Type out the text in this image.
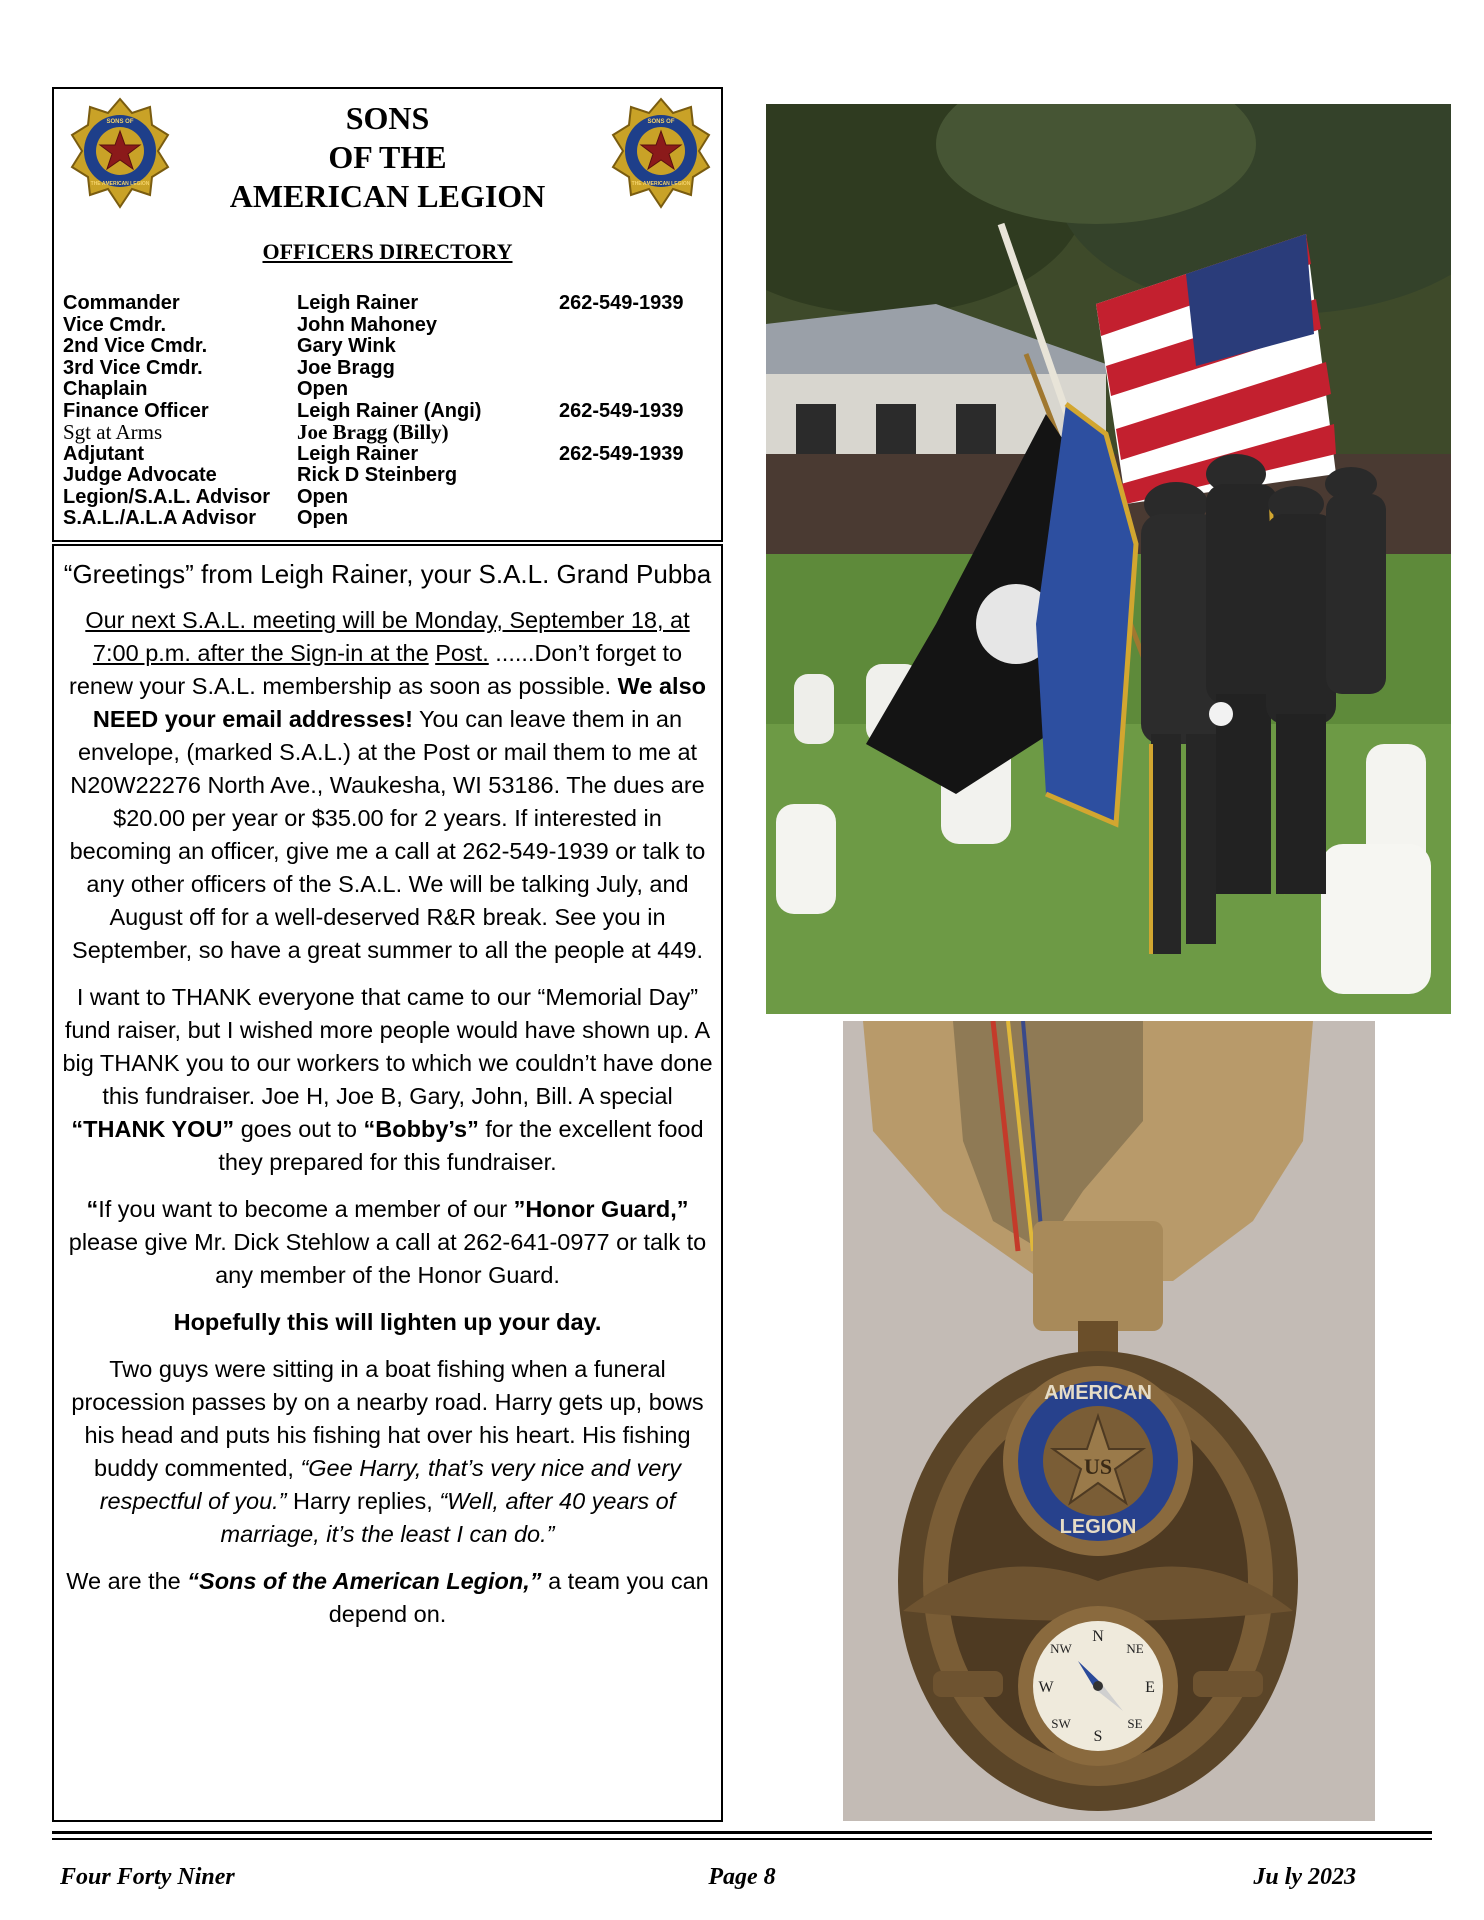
SONS OF
THE AMERICAN LEGION
SONS OF
THE AMERICAN LEGION
SONS
OF THE
AMERICAN LEGION
OFFICERS DIRECTORY
Commander	Leigh Rainer	262-549-1939
Vice Cmdr.	John Mahoney
2nd Vice Cmdr.	Gary Wink
3rd Vice Cmdr.	Joe Bragg
Chaplain	Open
Finance Officer	Leigh Rainer (Angi)	262-549-1939
Sgt at Arms	Joe Bragg (Billy)
Adjutant	Leigh Rainer	262-549-1939
Judge Advocate	Rick D Steinberg
Legion/S.A.L. Advisor Open
S.A.L./A.L.A Advisor Open

“Greetings” from Leigh Rainer, your S.A.L. Grand Pubba

Our next S.A.L. meeting will be Monday, September 18, at 7:00 p.m. after the Sign-in at the Post. ......Don’t forget to renew your S.A.L. membership as soon as possible. We also NEED your email addresses! You can leave them in an envelope, (marked S.A.L.) at the Post or mail them to me at N20W22276 North Ave., Waukesha, WI 53186. The dues are $20.00 per year or $35.00 for 2 years. If interested in becoming an officer, give me a call at 262-549-1939 or talk to any other officers of the S.A.L. We will be talking July, and August off for a well-deserved R&R break. See you in September, so have a great summer to all the people at 449.

I want to THANK everyone that came to our “Memorial Day” fund raiser, but I wished more people would have shown up. A big THANK you to our workers to which we couldn’t have done this fundraiser. Joe H, Joe B, Gary, John, Bill. A special “THANK YOU” goes out to “Bobby’s” for the excellent food they prepared for this fundraiser.

“If you want to become a member of our ”Honor Guard,” please give Mr. Dick Stehlow a call at 262-641-0977 or talk to any member of the Honor Guard.

Hopefully this will lighten up your day.

Two guys were sitting in a boat fishing when a funeral procession passes by on a nearby road. Harry gets up, bows his head and puts his fishing hat over his heart. His fishing buddy commented, “Gee Harry, that’s very nice and very respectful of you.” Harry replies, “Well, after 40 years of marriage, it’s the least I can do.”

We are the “Sons of the American Legion,” a team you can depend on.

US
AMERICAN
LEGION
N
NE
E
SE
S
SW
W
NW
Page 8
Four Forty Niner	Ju ly 2023
